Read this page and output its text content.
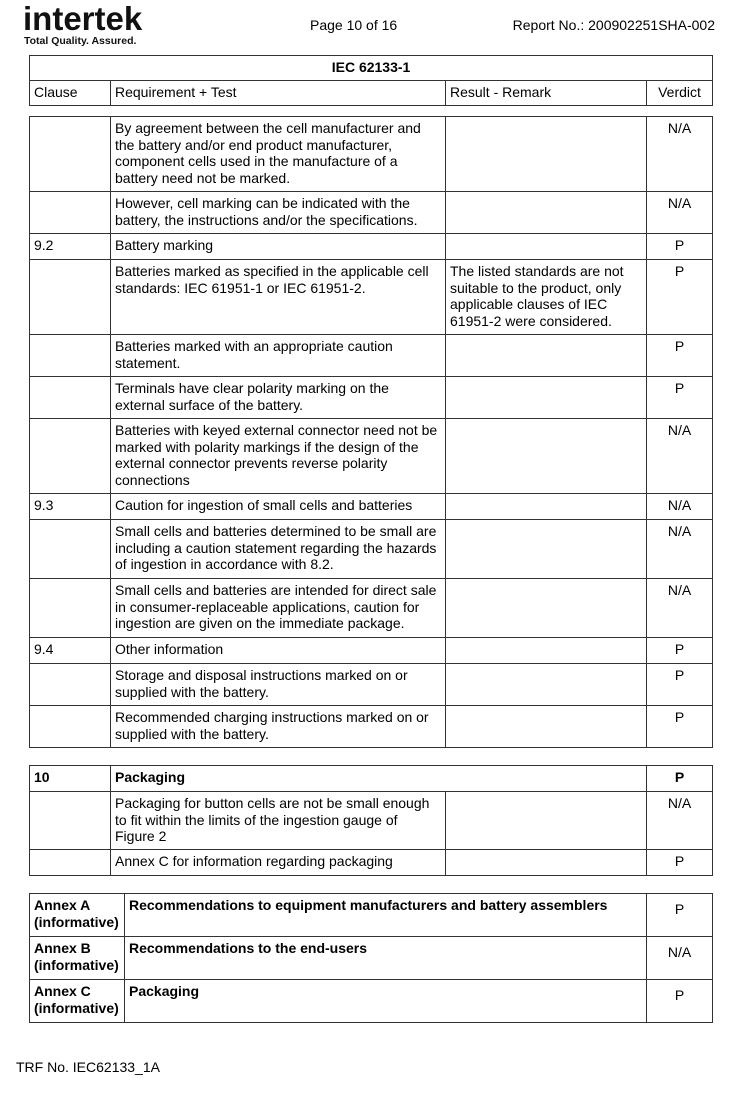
intertek
Total Quality. Assured.
Page 10 of 16	Report No.: 200902251SHA-002
IEC 62133-1
Clause	Requirement + Test	Result - Remark	Verdict
	By agreement between the cell manufacturer and the battery and/or end product manufacturer, component cells used in the manufacture of a battery need not be marked.		N/A
	However, cell marking can be indicated with the battery, the instructions and/or the specifications.		N/A
9.2	Battery marking		P
	Batteries marked as specified in the applicable cell standards: IEC 61951-1 or IEC 61951-2.	The listed standards are not suitable to the product, only applicable clauses of IEC 61951-2 were considered.	P
	Batteries marked with an appropriate caution statement.		P
	Terminals have clear polarity marking on the external surface of the battery.		P
	Batteries with keyed external connector need not be marked with polarity markings if the design of the external connector prevents reverse polarity connections		N/A
9.3	Caution for ingestion of small cells and batteries		N/A
	Small cells and batteries determined to be small are including a caution statement regarding the hazards of ingestion in accordance with 8.2.		N/A
	Small cells and batteries are intended for direct sale in consumer-replaceable applications, caution for ingestion are given on the immediate package.		N/A
9.4	Other information		P
	Storage and disposal instructions marked on or supplied with the battery.		P
	Recommended charging instructions marked on or supplied with the battery.		P
10	Packaging		P
	Packaging for button cells are not be small enough to fit within the limits of the ingestion gauge of Figure 2		N/A
	Annex C for information regarding packaging		P
Annex A
(informative)	Recommendations to equipment manufacturers and battery assemblers	P

Annex B
(informative)	Recommendations to the end-users	N/A

Annex C
(informative)	Packaging	P
TRF No. IEC62133_1A
